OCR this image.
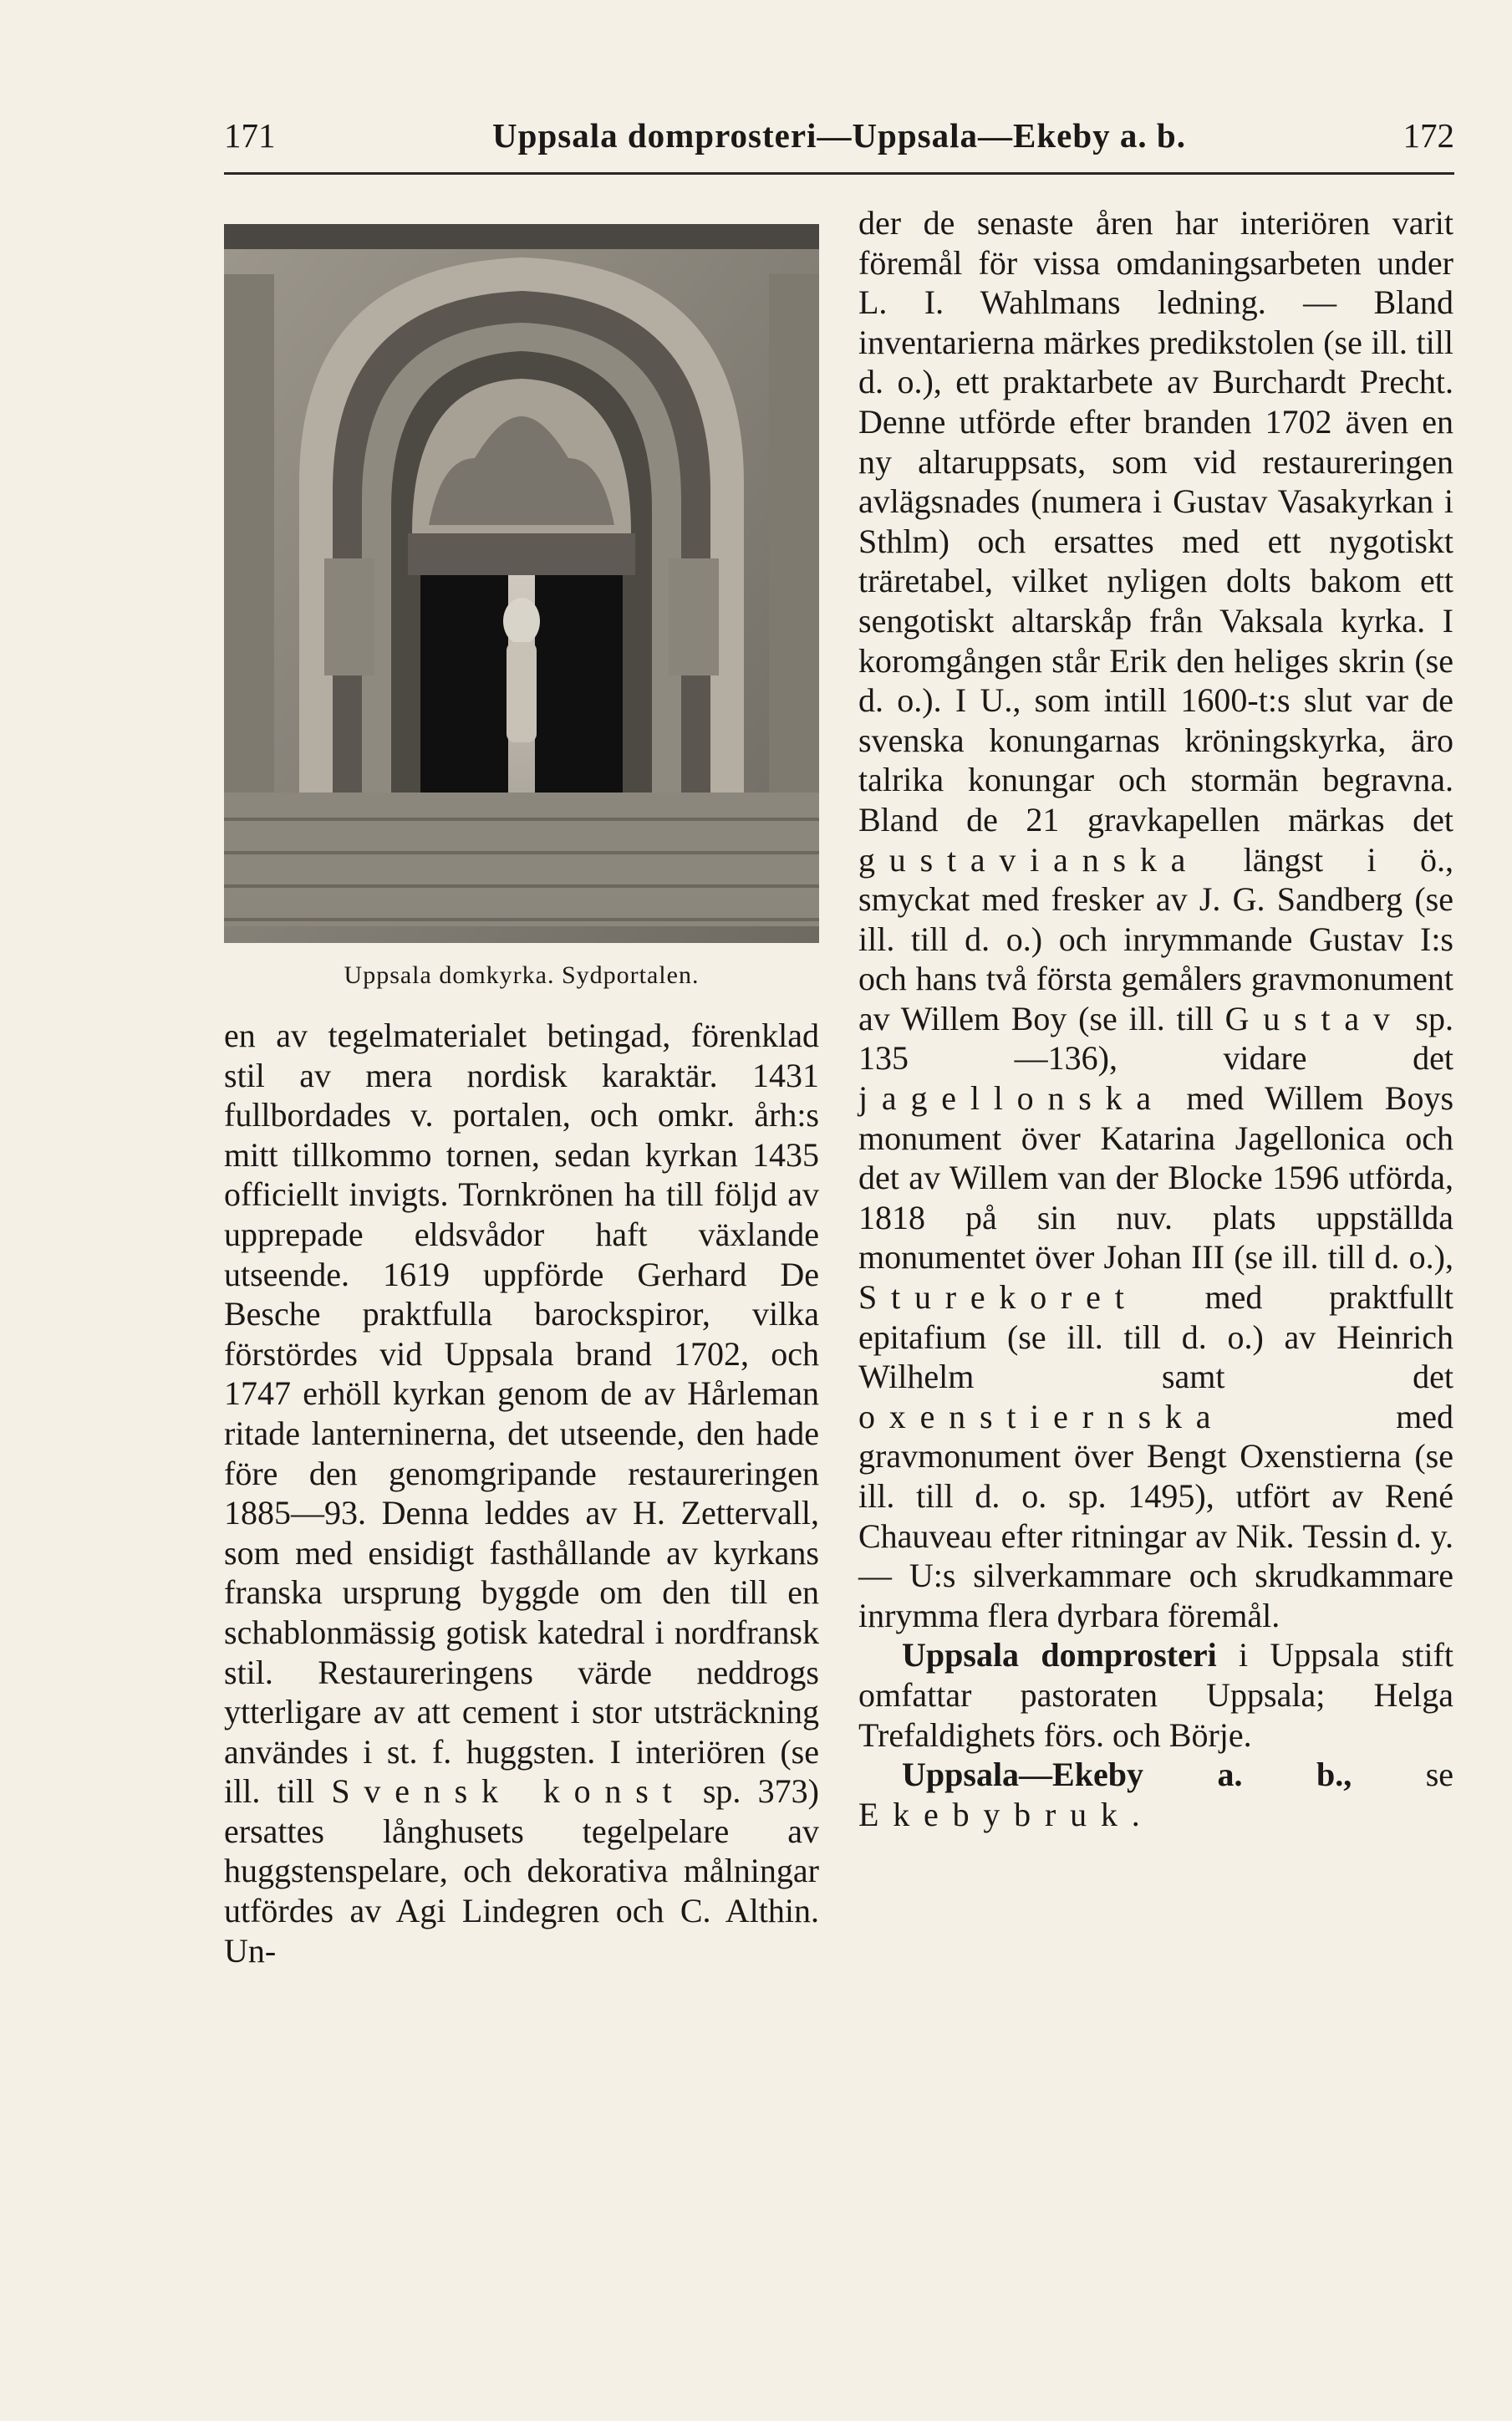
171	Uppsala domprosteri—Uppsala—Ekeby a. b.	172
Uppsala domkyrka. Sydportalen.

en av tegelmaterialet betingad, förenklad stil av mera nordisk karaktär. 1431 fullbordades v. portalen, och omkr. årh:s mitt tillkommo tornen, sedan kyrkan 1435 officiellt invigts. Tornkrönen ha till följd av upprepade eldsvådor haft växlande utseende. 1619 uppförde Gerhard De Besche praktfulla barockspiror, vilka förstördes vid Uppsala brand 1702, och 1747 erhöll kyrkan genom de av Hårleman ritade lanterninerna, det utseende, den hade före den genomgripande restaureringen 1885—93. Denna leddes av H. Zettervall, som med ensidigt fasthållande av kyrkans franska ursprung byggde om den till en schablonmässig gotisk katedral i nordfransk stil. Restaureringens värde neddrogs ytterligare av att cement i stor utsträckning användes i st. f. huggsten. I interiören (se ill. till Svensk konst sp. 373) ersattes långhusets tegelpelare av huggstenspelare, och dekorativa målningar utfördes av Agi Lindegren och C. Althin. Un-

der de senaste åren har interiören varit föremål för vissa omdaningsarbeten under L. I. Wahlmans ledning. — Bland inventarierna märkes predikstolen (se ill. till d. o.), ett praktarbete av Burchardt Precht. Denne utförde efter branden 1702 även en ny altaruppsats, som vid restaureringen avlägsnades (numera i Gustav Vasakyrkan i Sthlm) och ersattes med ett nygotiskt träretabel, vilket nyligen dolts bakom ett sengotiskt altarskåp från Vaksala kyrka. I koromgången står Erik den heliges skrin (se d. o.). I U., som intill 1600-t:s slut var de svenska konungarnas kröningskyrka, äro talrika konungar och stormän begravna. Bland de 21 gravkapellen märkas det gustavianska längst i ö., smyckat med fresker av J. G. Sandberg (se ill. till d. o.) och inrymmande Gustav I:s och hans två första gemålers gravmonument av Willem Boy (se ill. till Gustav sp. 135 —136), vidare det jagellonska med Willem Boys monument över Katarina Jagellonica och det av Willem van der Blocke 1596 utförda, 1818 på sin nuv. plats uppställda monumentet över Johan III (se ill. till d. o.), Sturekoret med praktfullt epitafium (se ill. till d. o.) av Heinrich Wilhelm samt det oxenstiernska	med gravmonument över Bengt Oxenstierna (se ill. till d. o. sp. 1495), utfört av René Chauveau efter ritningar av Nik. Tessin d. y. — U:s silverkammare och skrudkammare inrymma flera dyrbara föremål.

Uppsala domprosteri i Uppsala stift omfattar pastoraten Uppsala; Helga Trefaldighets förs. och Börje.

Uppsala—Ekeby a. b., se Ekebybruk.
